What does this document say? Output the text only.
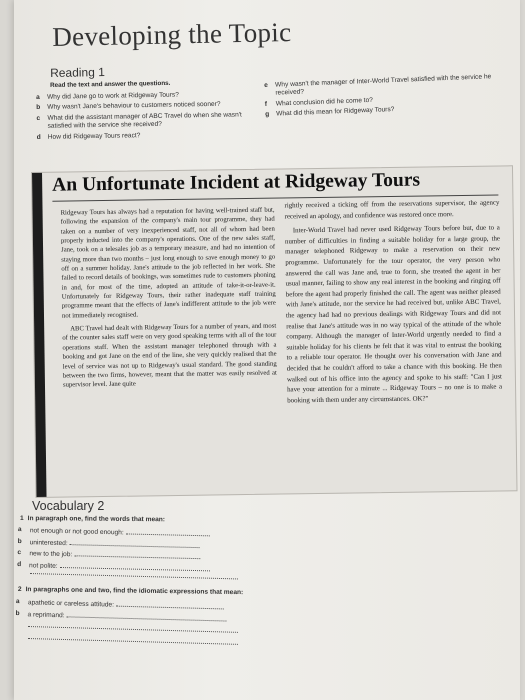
Developing the Topic
Reading 1
Read the text and answer the questions.
a Why did Jane go to work at Ridgeway Tours?
b Why wasn't Jane's behaviour to customers noticed sooner?
c What did the assistant manager of ABC Travel do when she wasn't satisfied with the service she received?
d How did Ridgeway Tours react?
e Why wasn't the manager of Inter-World Travel satisfied with the service he received?
f What conclusion did he come to?
g What did this mean for Ridgeway Tours?
An Unfortunate Incident at Ridgeway Tours

Ridgeway Tours has always had a reputation for having well-trained staff but, following the expansion of the company's main tour programme, they had taken on a number of very inexperienced staff, not all of whom had been properly inducted into the company's operations. One of the new sales staff, Jane, took on a telesales job as a temporary measure, and had no intention of staying more than two months – just long enough to save enough money to go off on a summer holiday. Jane's attitude to the job reflected in her work. She failed to record details of bookings, was sometimes rude to customers phoning in and, for most of the time, adopted an attitude of take-it-or-leave-it. Unfortunately for Ridgeway Tours, their rather inadequate staff training programme meant that the effects of Jane's indifferent attitude to the job were not immediately recognised.

ABC Travel had dealt with Ridgeway Tours for a number of years, and most of the counter sales staff were on very good speaking terms with all of the tour operations staff. When the assistant manager telephoned through with a booking and got Jane on the end of the line, she very quickly realised that the level of service was not up to Ridgeway's usual standard. The good standing between the two firms, however, meant that the matter was easily resolved at supervisor level. Jane quite

rightly received a ticking off from the reservations supervisor, the agency received an apology, and confidence was restored once more.

Inter-World Travel had never used Ridgeway Tours before but, due to a number of difficulties in finding a suitable holiday for a large group, the manager telephoned Ridgeway to make a reservation on their new programme. Unfortunately for the tour operator, the very person who answered the call was Jane and, true to form, she treated the agent in her usual manner, failing to show any real interest in the booking and ringing off before the agent had properly finished the call. The agent was neither pleased with Jane's attitude, nor the service he had received but, unlike ABC Travel, the agency had had no previous dealings with Ridgeway Tours and did not realise that Jane's attitude was in no way typical of the attitude of the whole company. Although the manager of Inter-World urgently needed to find a suitable holiday for his clients he felt that it was vital to entrust the booking to a reliable tour operator. He thought over his conversation with Jane and decided that he couldn't afford to take a chance with this booking. He then walked out of his office into the agency and spoke to his staff: "Can I just have your attention for a minute ... Ridgeway Tours – no one is to make a booking with them under any circumstances. OK?"

Vocabulary 2
1 In paragraph one, find the words that mean:
a not enough or not good enough:
b uninterested:
c new to the job:
d not polite:
2 In paragraphs one and two, find the idiomatic expressions that mean:
a apathetic or careless attitude:
b a reprimand:
